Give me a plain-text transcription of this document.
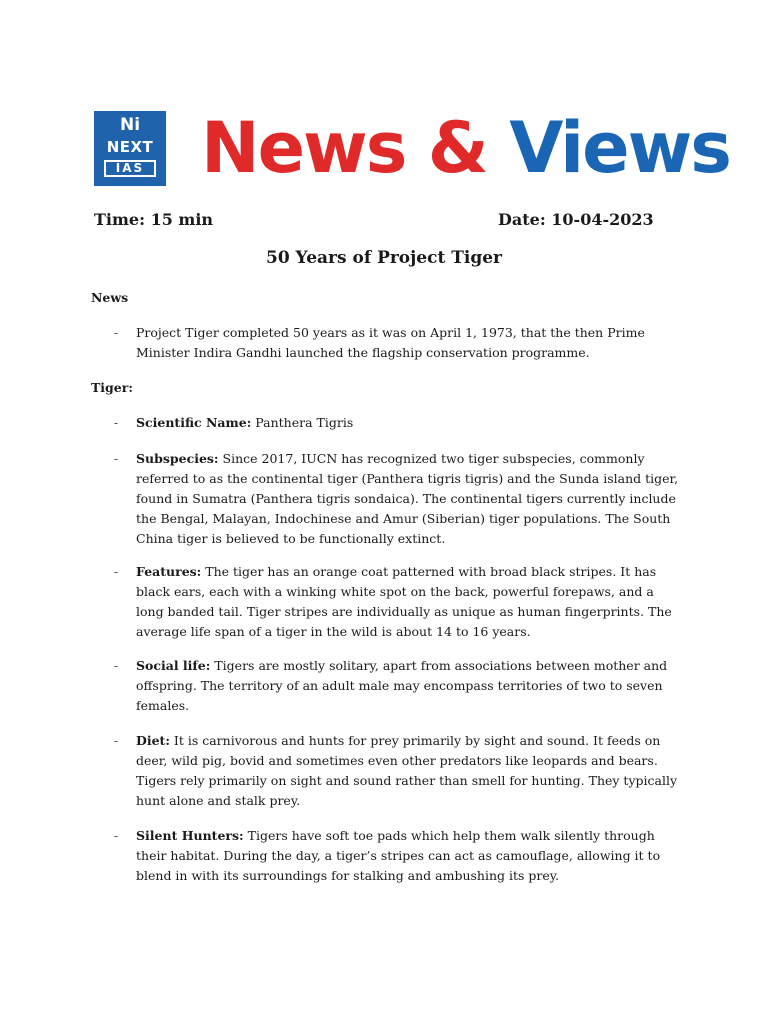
Ni
NEXT
IAS News & Views
Time: 15 min	Date: 10-04-2023
50 Years of Project Tiger
News
- Project Tiger completed 50 years as it was on April 1, 1973, that the then Prime Minister Indira Gandhi launched the flagship conservation programme.
Tiger:
- Scientific Name: Panthera Tigris
- Subspecies: Since 2017, IUCN has recognized two tiger subspecies, commonly referred to as the continental tiger (Panthera tigris tigris) and the Sunda island tiger, found in Sumatra (Panthera tigris sondaica). The continental tigers currently include the Bengal, Malayan, Indochinese and Amur (Siberian) tiger populations. The South China tiger is believed to be functionally extinct.
- Features: The tiger has an orange coat patterned with broad black stripes. It has black ears, each with a winking white spot on the back, powerful forepaws, and a long banded tail. Tiger stripes are individually as unique as human fingerprints. The average life span of a tiger in the wild is about 14 to 16 years.
- Social life: Tigers are mostly solitary, apart from associations between mother and offspring. The territory of an adult male may encompass territories of two to seven females.
- Diet: It is carnivorous and hunts for prey primarily by sight and sound. It feeds on deer, wild pig, bovid and sometimes even other predators like leopards and bears. Tigers rely primarily on sight and sound rather than smell for hunting. They typically hunt alone and stalk prey.
- Silent Hunters: Tigers have soft toe pads which help them walk silently through their habitat. During the day, a tiger’s stripes can act as camouflage, allowing it to blend in with its surroundings for stalking and ambushing its prey.
